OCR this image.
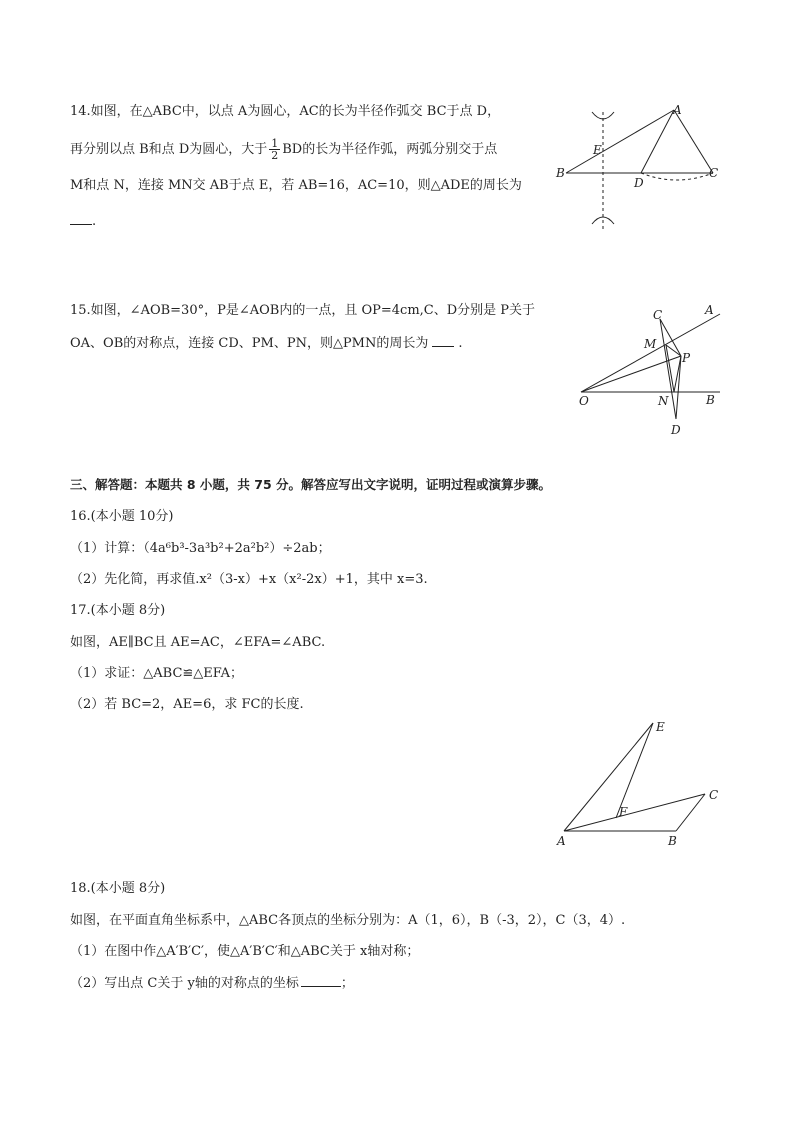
14.如图，在△ABC中，以点 A为圆心，AC的长为半径作弧交 BC于点 D，
再分别以点 B和点 D为圆心，大于 $\frac{1}{2}$ BD的长为半径作弧，两弧分别交于点
M和点 N，连接 MN交 AB于点 E，若 AB=16，AC=10，则△ADE的周长为
.
A
B	C
D
E
15.如图，∠AOB=30°，P是∠AOB内的一点，且 OP=4cm,C、D分别是 P关于
OA、OB的对称点，连接 CD、PM、PN，则△PMN的周长为 .
C	A
M
P
O	N	B
D
三、解答题：本题共 8 小题，共 75 分。解答应写出文字说明，证明过程或演算步骤。
16.(本小题 10分)
（1）计算：（4a⁶b³-3a³b²+2a²b²）÷2ab；
（2）先化简，再求值.x²（3-x）+x（x²-2x）+1，其中 x=3.
17.(本小题 8分)
如图，AE∥BC且 AE=AC，∠EFA=∠ABC.
（1）求证：△ABC≌△EFA；
（2）若 BC=2，AE=6，求 FC的长度.
E
C
F
A	B
18.(本小题 8分)
如图，在平面直角坐标系中，△ABC各顶点的坐标分别为：A（1，6），B（-3，2），C（3，4）.
（1）在图中作△A′B′C′，使△A′B′C′和△ABC关于 x轴对称；
（2）写出点 C关于 y轴的对称点的坐标	；
